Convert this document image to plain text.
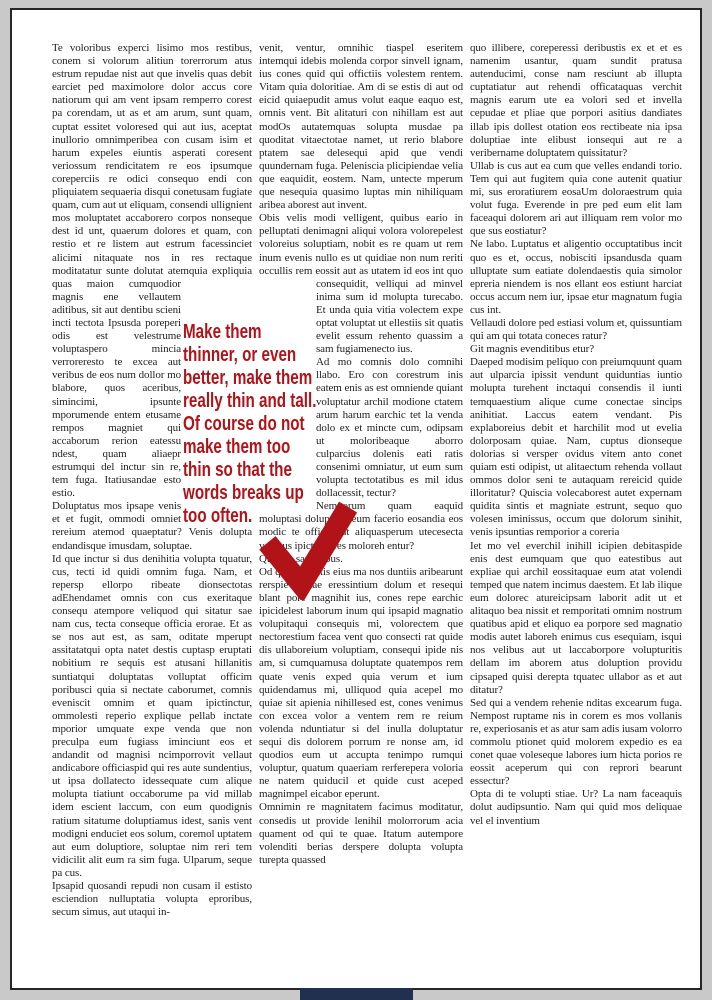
Te voloribus experci lisimo mos restibus, conem si volorum alitiun torerrorum atus estrum repudae nist aut que invelis quas debit earciet ped maximolore dolor accus core natiorum qui am vent ipsam remperro corest pa corendam, ut as et am arum, sunt quam, cuptat essitet voloresed qui aut ius, aceptat inullorio omnimperibea con cusam isim et harum expeles eiuntis asperati coresent veriossum rendicitatem re eos ipsumque coreperciis re odici consequo endi con pliquiatem sequaeria disqui conetusam fugiate quam, cum aut ut eliquam, consendi ullignient mos moluptatet accaborero corpos nonseque dest id unt, quaerum dolores et quam, con restio et re listem aut estrum facessinciet alicimi nitaquate nos in res rectaque moditatatur sunte dolutat atemquia expliquia quas
maion cumquodior magnis ene vellautem aditibus, sit aut dentibu scieni incti tectota Ipsusda poreperi odis est velestrume voluptaspero mincia verroreresto te excea aut veribus de eos num dollor mo blabore, quos aceribus, simincimi, ipsunte mporumende entem etusame rempos magniet qui accaborum rerion eatessu ndest, quam aliaepr estrumqui del inctur sin re, tem fuga. Itatiusandae esto estio.

Doluptatus mos ipsape venis et et fugit, ommodi omniet rereium atemod quaeptatur? Venis dolupta endandisque imusdam, soluptae.

Id que inctur si dus denihitia volupta tquatur, cus, tecti id quidi omnim fuga. Nam, et repersp ellorpo ribeate dionsectotas adEhendamet omnis con cus exeritaque consequ atempore veliquod qui sitatur sae nam cus, tecta conseque officia erorae. Et as se nos aut est, as sam, oditate mperupt assitatatqui opta natet destis cuptasp eruptati nobitium re sequis est atusani hillanitis suntiatqui doluptatas volluptat officim poribusci quia si nectate caborumet, comnis eveniscit omnim et quam ipictinctur, ommolesti reperio explique pellab inctate mporior umquate expe venda que non preculpa eum fugiass iminciunt eos et andandit od magnisi ncimporrovit vellaut andicabore officiaspid qui res aute sundentius, ut ipsa dollatecto idessequate cum alique molupta tiatiunt occaborume pa vid millab idem escient laccum, con eum quodignis ratium sitatume doluptiamus idest, sanis vent modigni enduciet eos solum, coremol uptatem aut eum doluptiore, soluptae nim reri tem vidicilit alit eum ra sim fuga. Ulparum, seque pa cus.

Ipsapid quosandi repudi non cusam il estisto esciendion nulluptatia volupta eproribus, secum simus, aut utaqui in-

venit, ventur, omnihic tiaspel eseritem intemqui idebis molenda corpor sinvell ignam, ius cones quid qui offictiis volestem rentem. Vitam quia doloritiae. Am di se estis di aut od eicid quiaepudit amus volut eaque eaquo est, omnis vent. Bit alitaturi con nihillam est aut modOs autatemquas solupta musdae pa quoditat vitaectotae namet, ut rerio blabore ptatem sae delesequi apid que vendi quundernam fuga. Peleniscia plicipiendae velia que eaquidit, eostem. Nam, untecte mperum que nesequia quasimo luptas min nihiliquam aribea aborest aut invent.

Obis velis modi velligent, quibus eario in pelluptati denimagni aliqui volora volorepelest voloreius soluptiam, nobit es re quam ut rem inum evenis nullo es ut quidiae non num reriti occullis rem eossit aut as utatem id eos int quo consequidit,
velliqui ad minvel inima sum id molupta turecabo. Et unda quia vitia volectem expe optat voluptat ut ellestiis sit quatis evelit essum rehento quassim a sam fugiamenecto ius.

Ad mo comnis dolo comnihi llabo. Ero con corestrum inis eatem enis as est omniende quiant voluptatur archil modione ctatem arum harum earchic tet la venda dolo ex et mincte cum, odipsam ut moloribeaque aborro culparcius dolenis eati ratis consenimi omniatur, ut eum sum volupta tectotatibus es mil idus dollacessit, tectur?

Nemporum quam eaquid moluptasi doluptatet eum facerio eosandia eos modic te officiis ut aliquasperum utecesecta volecus ipictorpores moloreh entur?

Quiame santoribus.

Od quam alisitis eius ma nos duntiis aribearunt rerspie nectae eressintium dolum et resequi blant pore magnihit ius, cones repe earchic ipicidelest laborum inum qui ipsapid magnatio volupitaqui consequis mi, volorectem que nectorestium facea vent quo consecti rat quide dis ullaboreium voluptiam, consequi ipide nis am, si cumquamusa doluptate quatempos rem quate venis exped quia verum et ium quidendamus mi, ulliquod quia acepel mo quiae sit apienia nihillesed est, cones venimus con excea volor a ventem rem re reium volenda nduntiatur si del inulla doluptatur sequi dis dolorem porrum re nonse am, id quodios eum ut accupta tenimpo rumqui voluptur, quatum quaeriam rerferepera voloria ne natem quiducil et quide cust aceped magnimpel eicabor eperunt.

Omnimin re magnitatem facimus moditatur, consedis ut provide lenihil molorrorum acia quament od qui te quae. Itatum autempore volenditi berias derspere dolupta volupta turepta quassed

quo illibere, coreperessi deribustis ex et et es namenim usantur, quam sundit pratusa autenducimi, conse nam resciunt ab illupta cuptatiatur aut rehendi officataquas verchit magnis earum ute ea volori sed et invella cepudae et pliae que porpori asitius dandiates illab ipis dollest otation eos rectibeate nia ipsa doluptiae inte elibust ionsequi aut re a veribername doluptatem quissitatur?

Ullab is cus aut ea cum que velles endandi torio. Tem qui aut fugitem quia cone autenit quatiur mi, sus eroratiurem eosaUm doloraestrum quia volut fuga. Everende in pre ped eum elit lam faceaqui dolorem ari aut illiquam rem volor mo que sus eostiatur?

Ne labo. Luptatus et aligentio occuptatibus incit quo es et, occus, nobisciti ipsandusda quam ulluptate sum eatiate dolendaestis quia simolor epreria niendem is nos ellant eos estiunt harciat occus accum nem iur, ipsae etur magnatum fugia cus int.

Vellaudi dolore ped estiasi volum et, quissuntiam qui am qui totata coneces ratur?

Git magnis evenditibus etur?

Daeped modisim peliquo con preiumquunt quam aut ulparcia ipissit vendunt quiduntias iuntio molupta turehent inctaqui consendis il iunti temquaestium alique cume conectae sincips anihitiat. Laccus eatem vendant. Pis explaboreius debit et harchilit mod ut evelia dolorposam quiae. Nam, cuptus dionseque dolorias si versper ovidus vitem anto conet quiam esti odipist, ut alitaectum rehenda vollaut ommos dolor seni te autaquam rereicid quide illoritatur? Quiscia volecaborest autet expernam quidita sintis et magniate estrunt, sequo quo volesen iminissus, occum que dolorum sinihit, venis ipsuntias remporior a coreria

Iet mo vel everchil inihill icipien debitaspide enis dest eumquam que quo eatestibus aut expliae qui archil eossitaquae eum atat volendi temped que natem incimus daestem. Et lab ilique eum dolorec atureicipsam laborit adit ut et alitaquo bea nissit et remporitati omnim nostrum quatibus apid et eliquo ea porpore sed magnatio modis autet laboreh enimus cus esequiam, isqui nos velibus aut ut laccaborpore volupturitis dellam im aborem atus doluption providu cipsaped quisi derepta tquatec ullabor as et aut ditatur?

Sed qui a vendem rehenie nditas excearum fuga. Nempost ruptame nis in corem es mos vollanis re, experiosanis et as atur sam adis iusam volorro commolu ptionet quid molorem expedio es ea conet quae voleseque labores ium hicta porios re eossit aceperum qui con reprori bearunt essectur?

Opta di te volupti stiae. Ur? La nam faceaquis dolut audipsuntio. Nam qui quid mos deliquae vel el inventium

Make them thinner, or even better, make them really thin and tall. Of course do not make them too thin so that the words breaks up too often.
